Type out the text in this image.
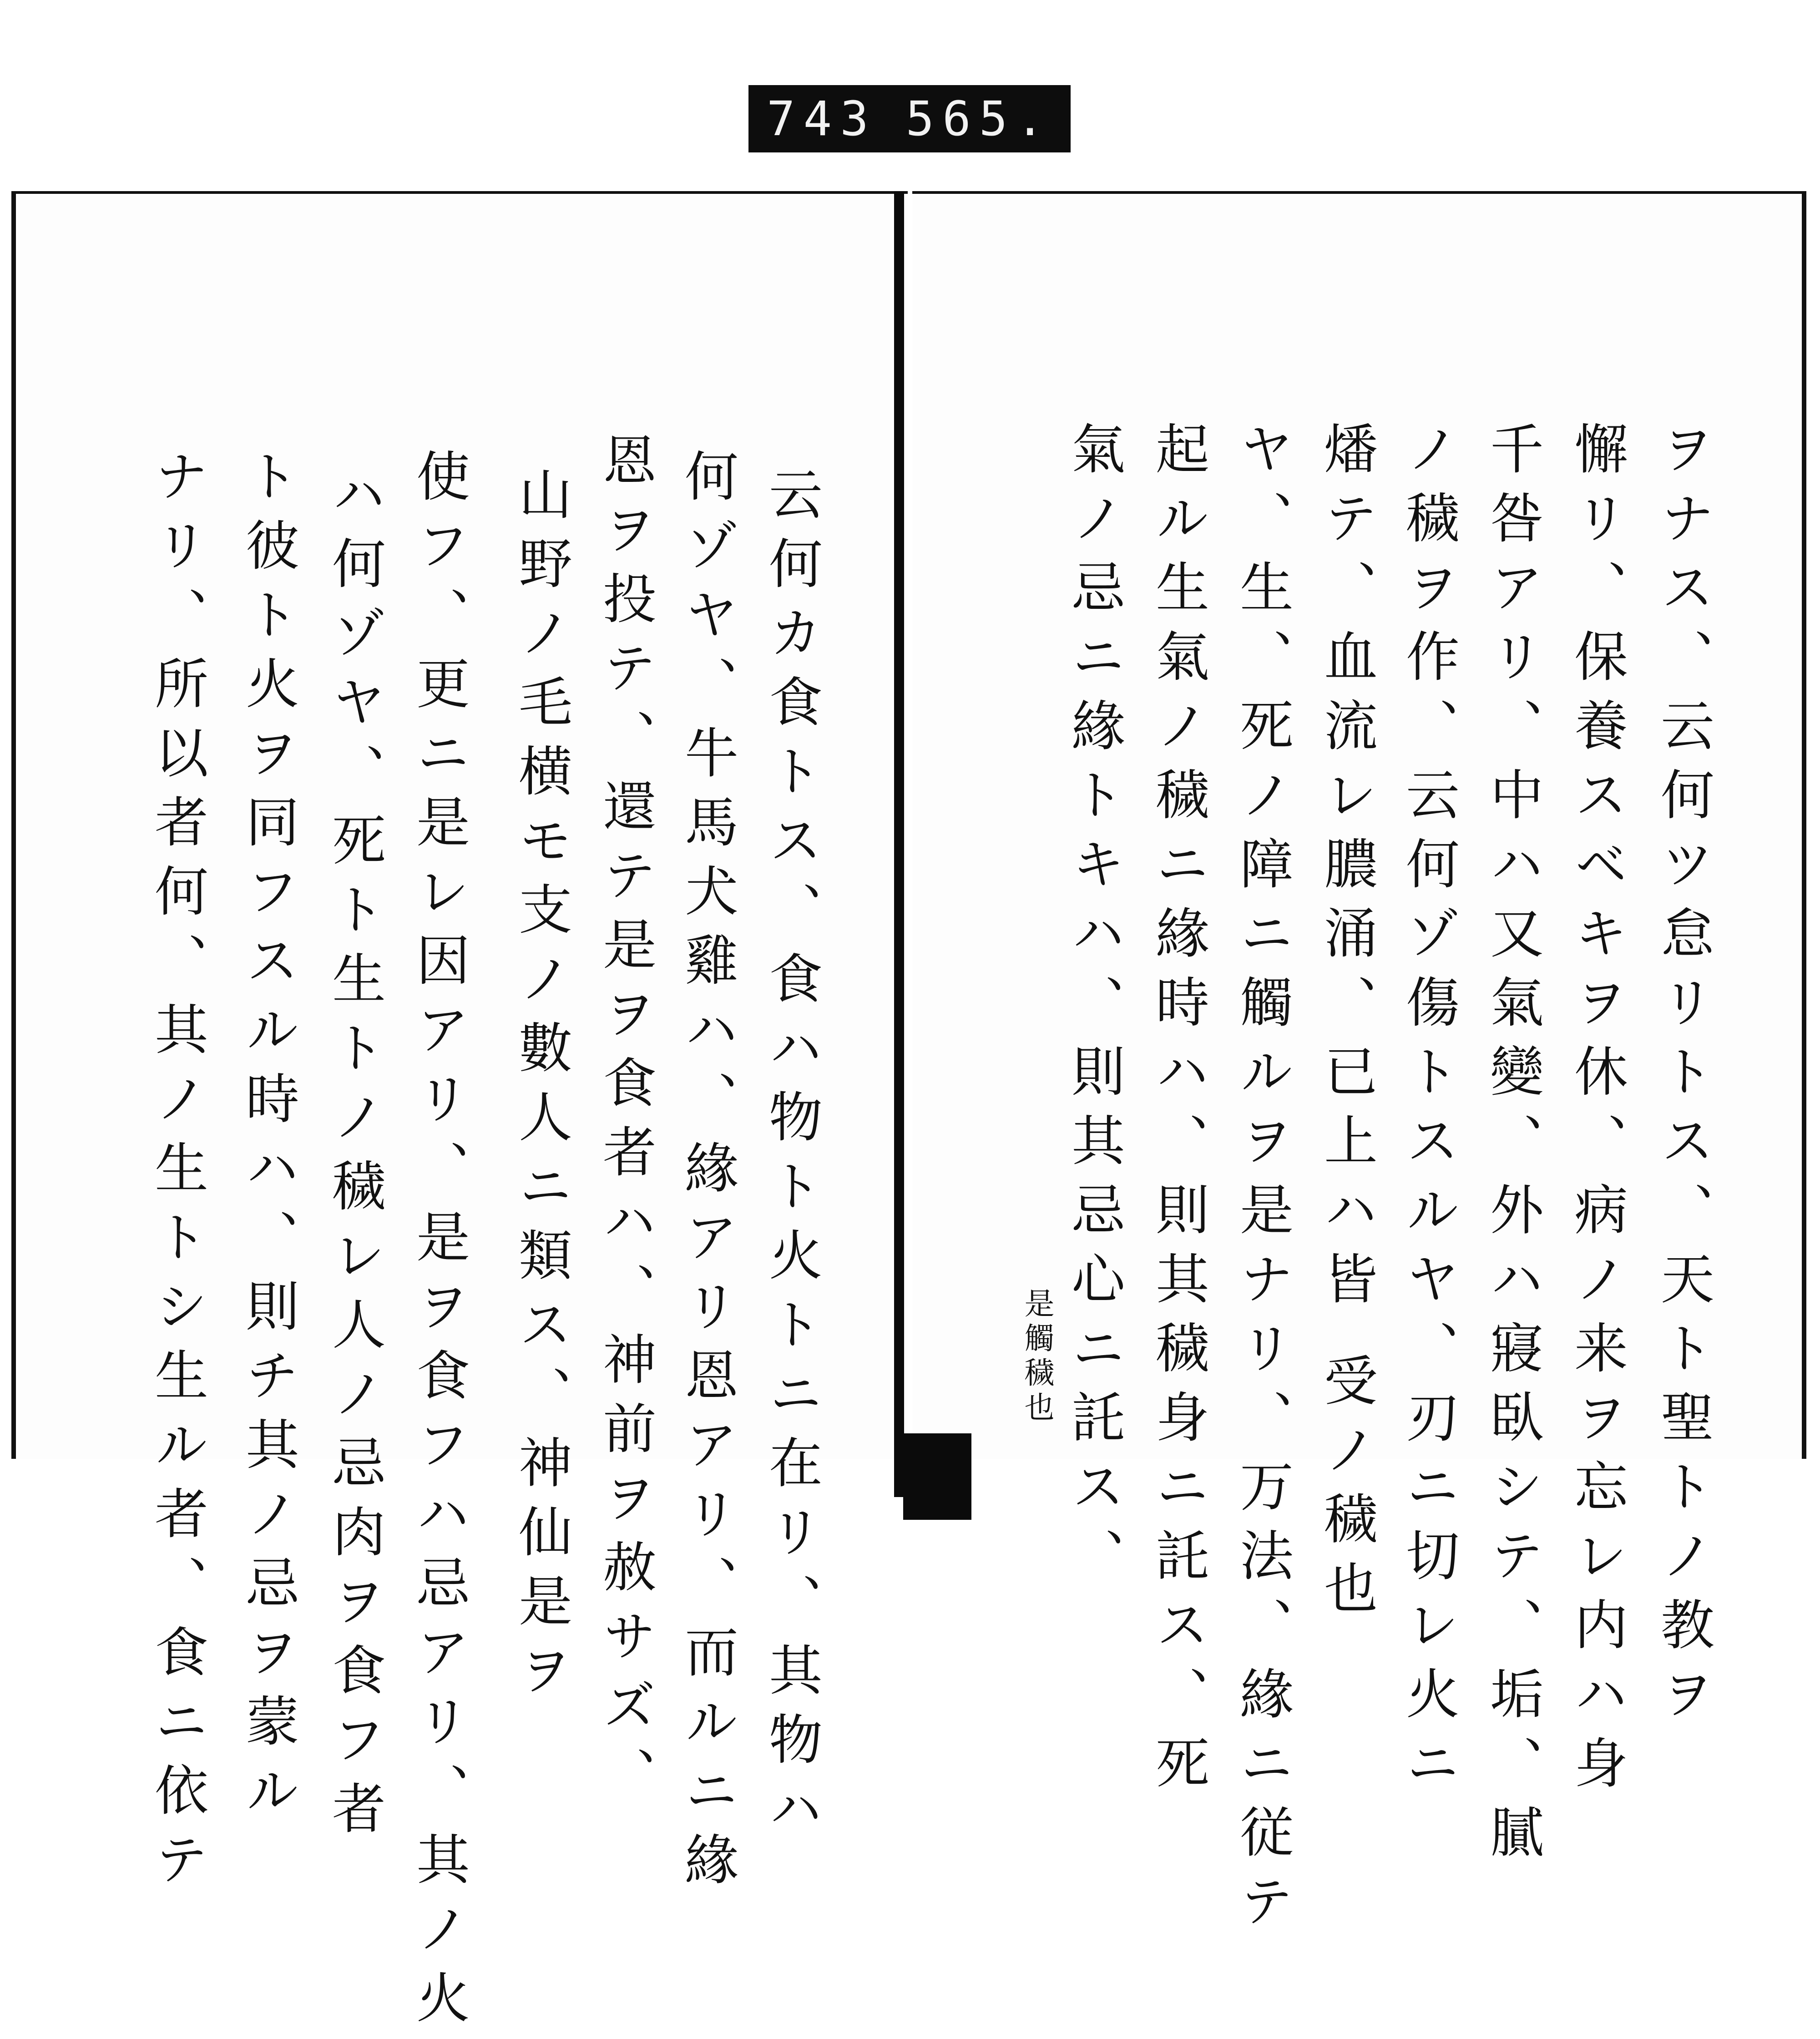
743 565.
ヲナス、云何ツ怠リトス、天ト聖トノ教ヲ
懈リ、保養スベキヲ休、病ノ来ヲ忘レ内ハ身
千咎アリ、中ハ又氣變、外ハ寢臥シテ、垢、膩
ノ穢ヲ作、云何ゾ傷トスルヤ、刃ニ切レ火ニ
燔テ、血流レ膿涌、已上ハ皆 受ノ穢也
ヤ、生、死ノ障ニ觸ルヲ是ナリ、万法、緣ニ従テ
起ル生氣ノ穢ニ緣時ハ、則其穢身ニ託ス、死
氣ノ忌ニ緣トキハ、則其忌心ニ託ス、
是觸穢也
云何カ食トス、食ハ物ト火トニ在リ、其物ハ
何ゾヤ、牛馬犬雞ハ、緣アリ恩アリ、而ルニ緣
恩ヲ投テ、還テ是ヲ食者ハ、神前ヲ赦サズ、
山野ノ毛横モ支ノ數人ニ類ス、神仙是ヲ
使フ、更ニ是レ因アリ、是ヲ食フハ忌アリ、其ノ火
ハ何ゾヤ、死ト生トノ穢レ人ノ忌肉ヲ食フ者
ト彼ト火ヲ同フスル時ハ、則チ其ノ忌ヲ蒙ル
ナリ、所以者何、其ノ生トシ生ル者、食ニ依テ
